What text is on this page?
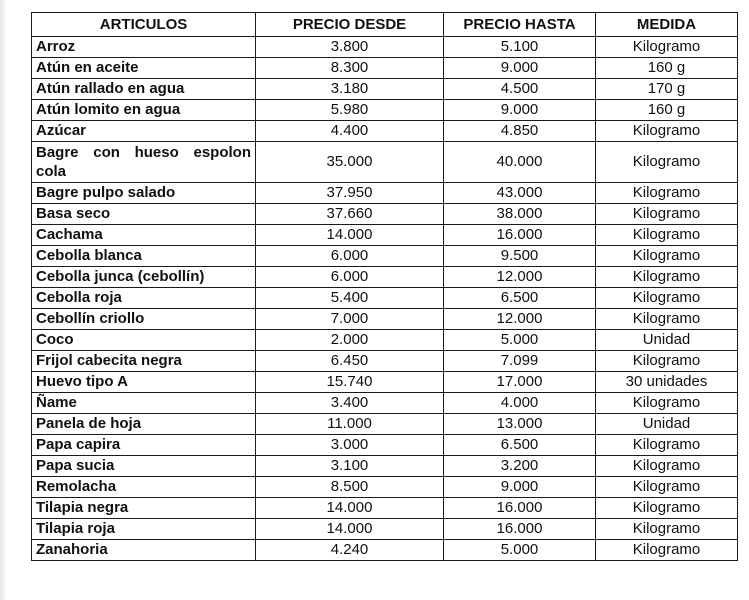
ARTICULOS	PRECIO DESDE	PRECIO HASTA	MEDIDA
Arroz	3.800	5.100	Kilogramo
Atún en aceite	8.300	9.000	160 g
Atún rallado en agua	3.180	4.500	170 g
Atún lomito en agua	5.980	9.000	160 g
Azúcar	4.400	4.850	Kilogramo
Bagre con hueso espolon cola	35.000	40.000	Kilogramo
Bagre pulpo salado	37.950	43.000	Kilogramo
Basa seco	37.660	38.000	Kilogramo
Cachama	14.000	16.000	Kilogramo
Cebolla blanca	6.000	9.500	Kilogramo
Cebolla junca (cebollín)	6.000	12.000	Kilogramo
Cebolla roja	5.400	6.500	Kilogramo
Cebollín criollo	7.000	12.000	Kilogramo
Coco	2.000	5.000	Unidad
Frijol cabecita negra	6.450	7.099	Kilogramo
Huevo tipo A	15.740	17.000	30 unidades
Ñame	3.400	4.000	Kilogramo
Panela de hoja	11.000	13.000	Unidad
Papa capira	3.000	6.500	Kilogramo
Papa sucia	3.100	3.200	Kilogramo
Remolacha	8.500	9.000	Kilogramo
Tilapia negra	14.000	16.000	Kilogramo
Tilapia roja	14.000	16.000	Kilogramo
Zanahoria	4.240	5.000	Kilogramo
